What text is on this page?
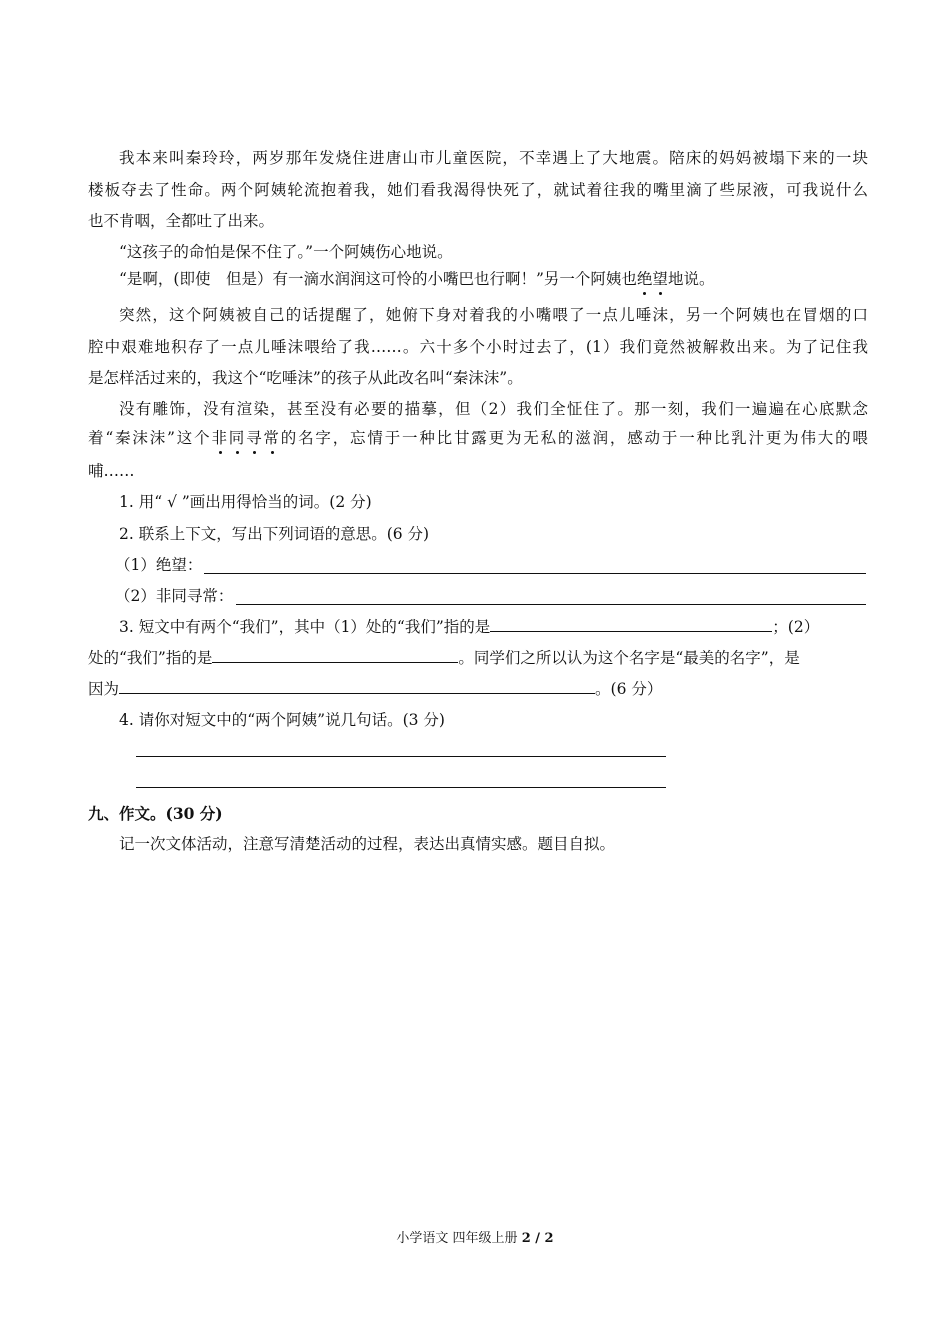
我本来叫秦玲玲，两岁那年发烧住进唐山市儿童医院，不幸遇上了大地震。陪床的妈妈被塌下来的一块
楼板夺去了性命。两个阿姨轮流抱着我，她们看我渴得快死了，就试着往我的嘴里滴了些尿液，可我说什么
也不肯咽，全都吐了出来。
“这孩子的命怕是保不住了。”一个阿姨伤心地说。
“是啊，(即使　但是）有一滴水润润这可怜的小嘴巴也行啊！”另一个阿姨也绝望地说。
突然，这个阿姨被自己的话提醒了，她俯下身对着我的小嘴喂了一点儿唾沫，另一个阿姨也在冒烟的口
腔中艰难地积存了一点儿唾沫喂给了我……。六十多个小时过去了，(1）我们竟然被解救出来。为了记住我
是怎样活过来的，我这个“吃唾沫”的孩子从此改名叫“秦沫沫”。
没有雕饰，没有渲染，甚至没有必要的描摹，但（2）我们全怔住了。那一刻，我们一遍遍在心底默念
着“秦沫沫”这个非同寻常的名字，忘情于一种比甘露更为无私的滋润，感动于一种比乳汁更为伟大的喂
哺……
1. 用“ √ ”画出用得恰当的词。(2 分)
2. 联系上下文，写出下列词语的意思。(6 分)
（1）绝望：
（2）非同寻常：
3. 短文中有两个“我们”，其中（1）处的“我们”指的是	；(2）
处的“我们”指的是	。同学们之所以认为这个名字是“最美的名字”，是
因为	。(6 分）
4. 请你对短文中的“两个阿姨”说几句话。(3 分)
九、作文。(30 分)
记一次文体活动，注意写清楚活动的过程，表达出真情实感。题目自拟。
小学语文 四年级上册 2 / 2
